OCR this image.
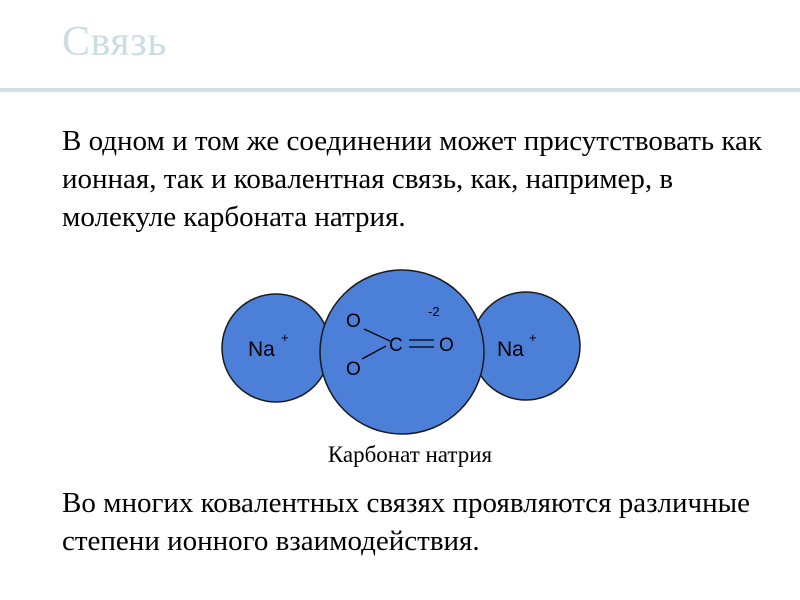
Связь
В одном и том же соединении может присутствовать как ионная, так и ковалентная связь, как, например, в молекуле карбоната натрия.
Na
+
Na
+
-2
O
C O
O
Карбонат натрия
Во многих ковалентных связях проявляются различные степени ионного взаимодействия.
